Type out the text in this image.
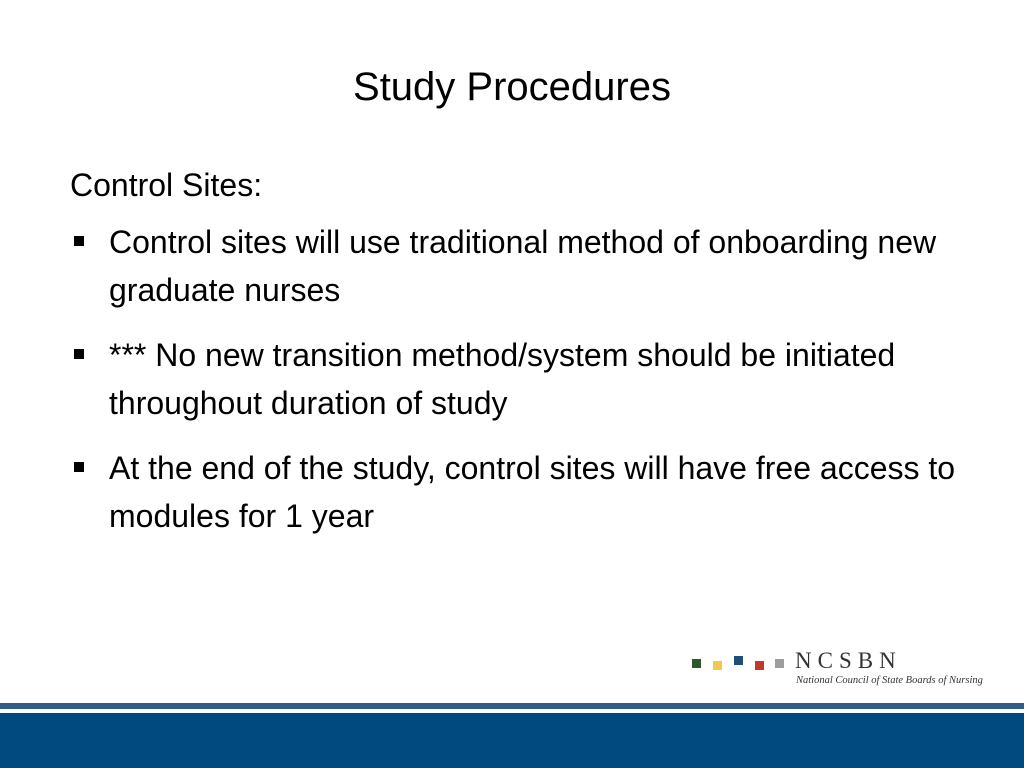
Study Procedures
Control Sites:
Control sites will use traditional method of onboarding new graduate nurses
*** No new transition method/system should be initiated throughout duration of study
At the end of the study, control sites will have free access to modules for 1 year
NCSBN
National Council of State Boards of Nursing
